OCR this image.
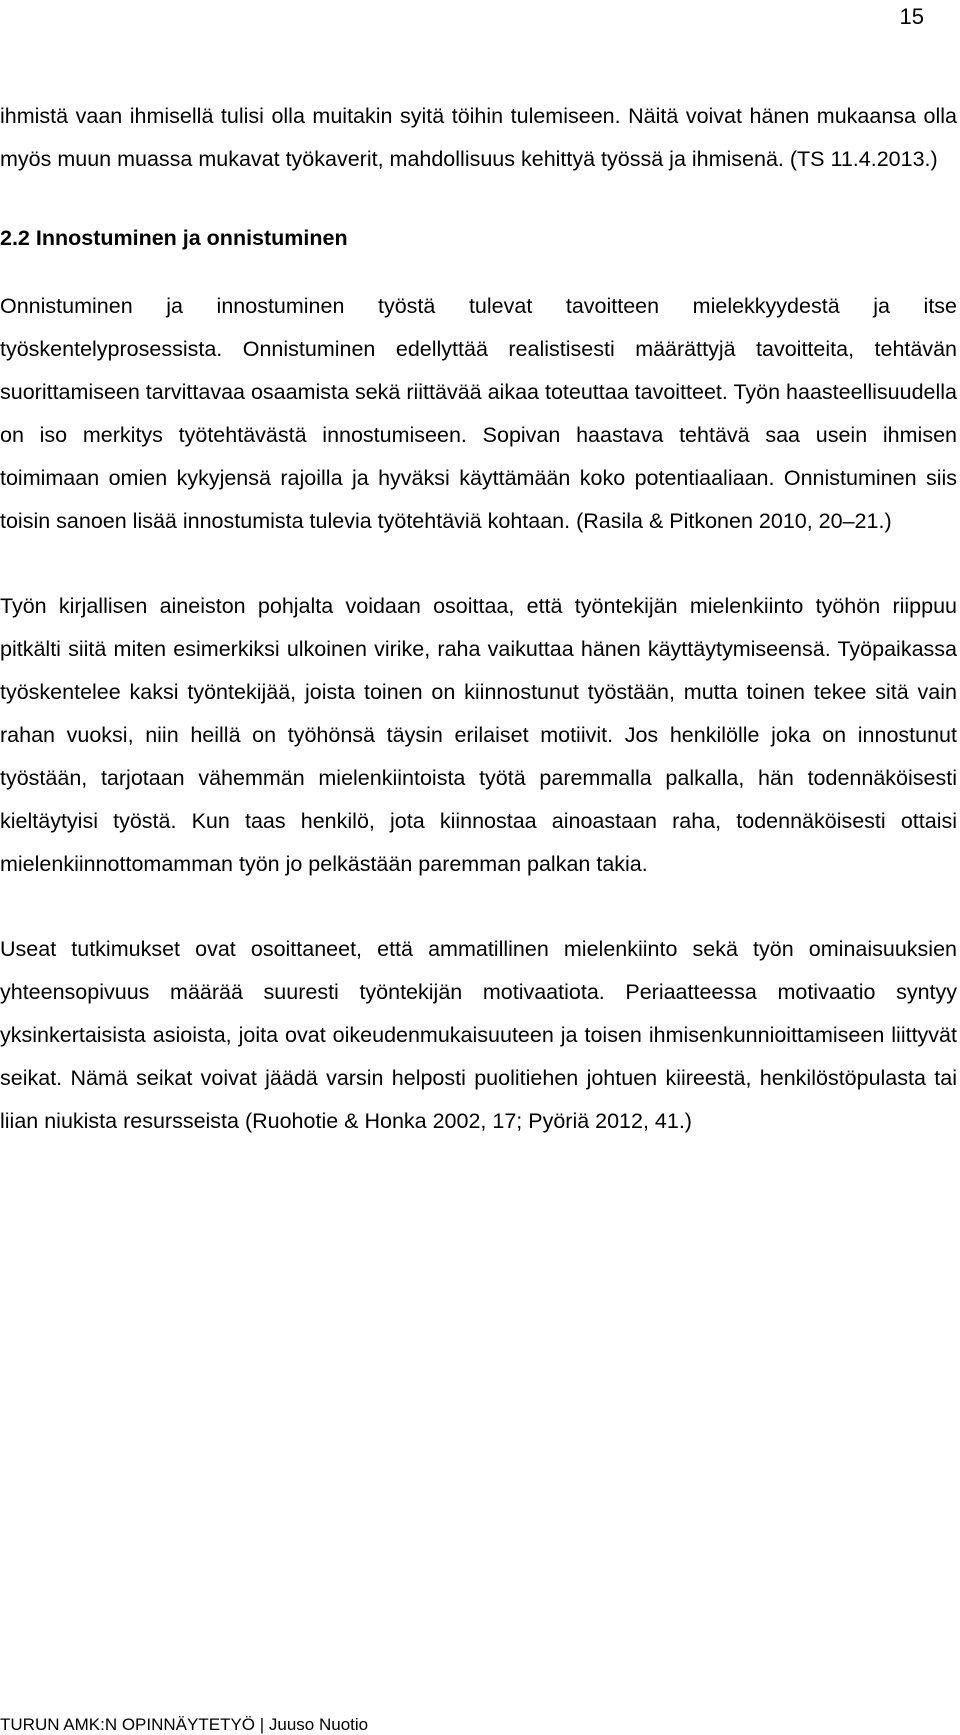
15

ihmistä vaan ihmisellä tulisi olla muitakin syitä töihin tulemiseen. Näitä voivat hänen mukaansa olla myös muun muassa mukavat työkaverit, mahdollisuus kehittyä työssä ja ihmisenä. (TS 11.4.2013.)

2.2 Innostuminen ja onnistuminen

Onnistuminen ja innostuminen työstä tulevat tavoitteen mielekkyydestä ja itse työskentelyprosessista. Onnistuminen edellyttää realistisesti määrättyjä tavoitteita, tehtävän suorittamiseen tarvittavaa osaamista sekä riittävää aikaa toteuttaa tavoitteet. Työn haasteellisuudella on iso merkitys työtehtävästä innostumiseen. Sopivan haastava tehtävä saa usein ihmisen toimimaan omien kykyjensä rajoilla ja hyväksi käyttämään koko potentiaaliaan. Onnistuminen siis toisin sanoen lisää innostumista tulevia työtehtäviä kohtaan. (Rasila & Pitkonen 2010, 20–21.)

Työn kirjallisen aineiston pohjalta voidaan osoittaa, että työntekijän mielenkiinto työhön riippuu pitkälti siitä miten esimerkiksi ulkoinen virike, raha vaikuttaa hänen käyttäytymiseensä. Työpaikassa työskentelee kaksi työntekijää, joista toinen on kiinnostunut työstään, mutta toinen tekee sitä vain rahan vuoksi, niin heillä on työhönsä täysin erilaiset motiivit. Jos henkilölle joka on innostunut työstään, tarjotaan vähemmän mielenkiintoista työtä paremmalla palkalla, hän todennäköisesti kieltäytyisi työstä. Kun taas henkilö, jota kiinnostaa ainoastaan raha, todennäköisesti ottaisi mielenkiinnottomamman työn jo pelkästään paremman palkan takia.

Useat tutkimukset ovat osoittaneet, että ammatillinen mielenkiinto sekä työn ominaisuuksien yhteensopivuus määrää suuresti työntekijän motivaatiota. Periaatteessa motivaatio syntyy yksinkertaisista asioista, joita ovat oikeudenmukaisuuteen ja toisen ihmisenkunnioittamiseen liittyvät seikat. Nämä seikat voivat jäädä varsin helposti puolitiehen johtuen kiireestä, henkilöstöpulasta tai liian niukista resursseista (Ruohotie & Honka 2002, 17; Pyöriä 2012, 41.)

TURUN AMK:N OPINNÄYTETYÖ | Juuso Nuotio
